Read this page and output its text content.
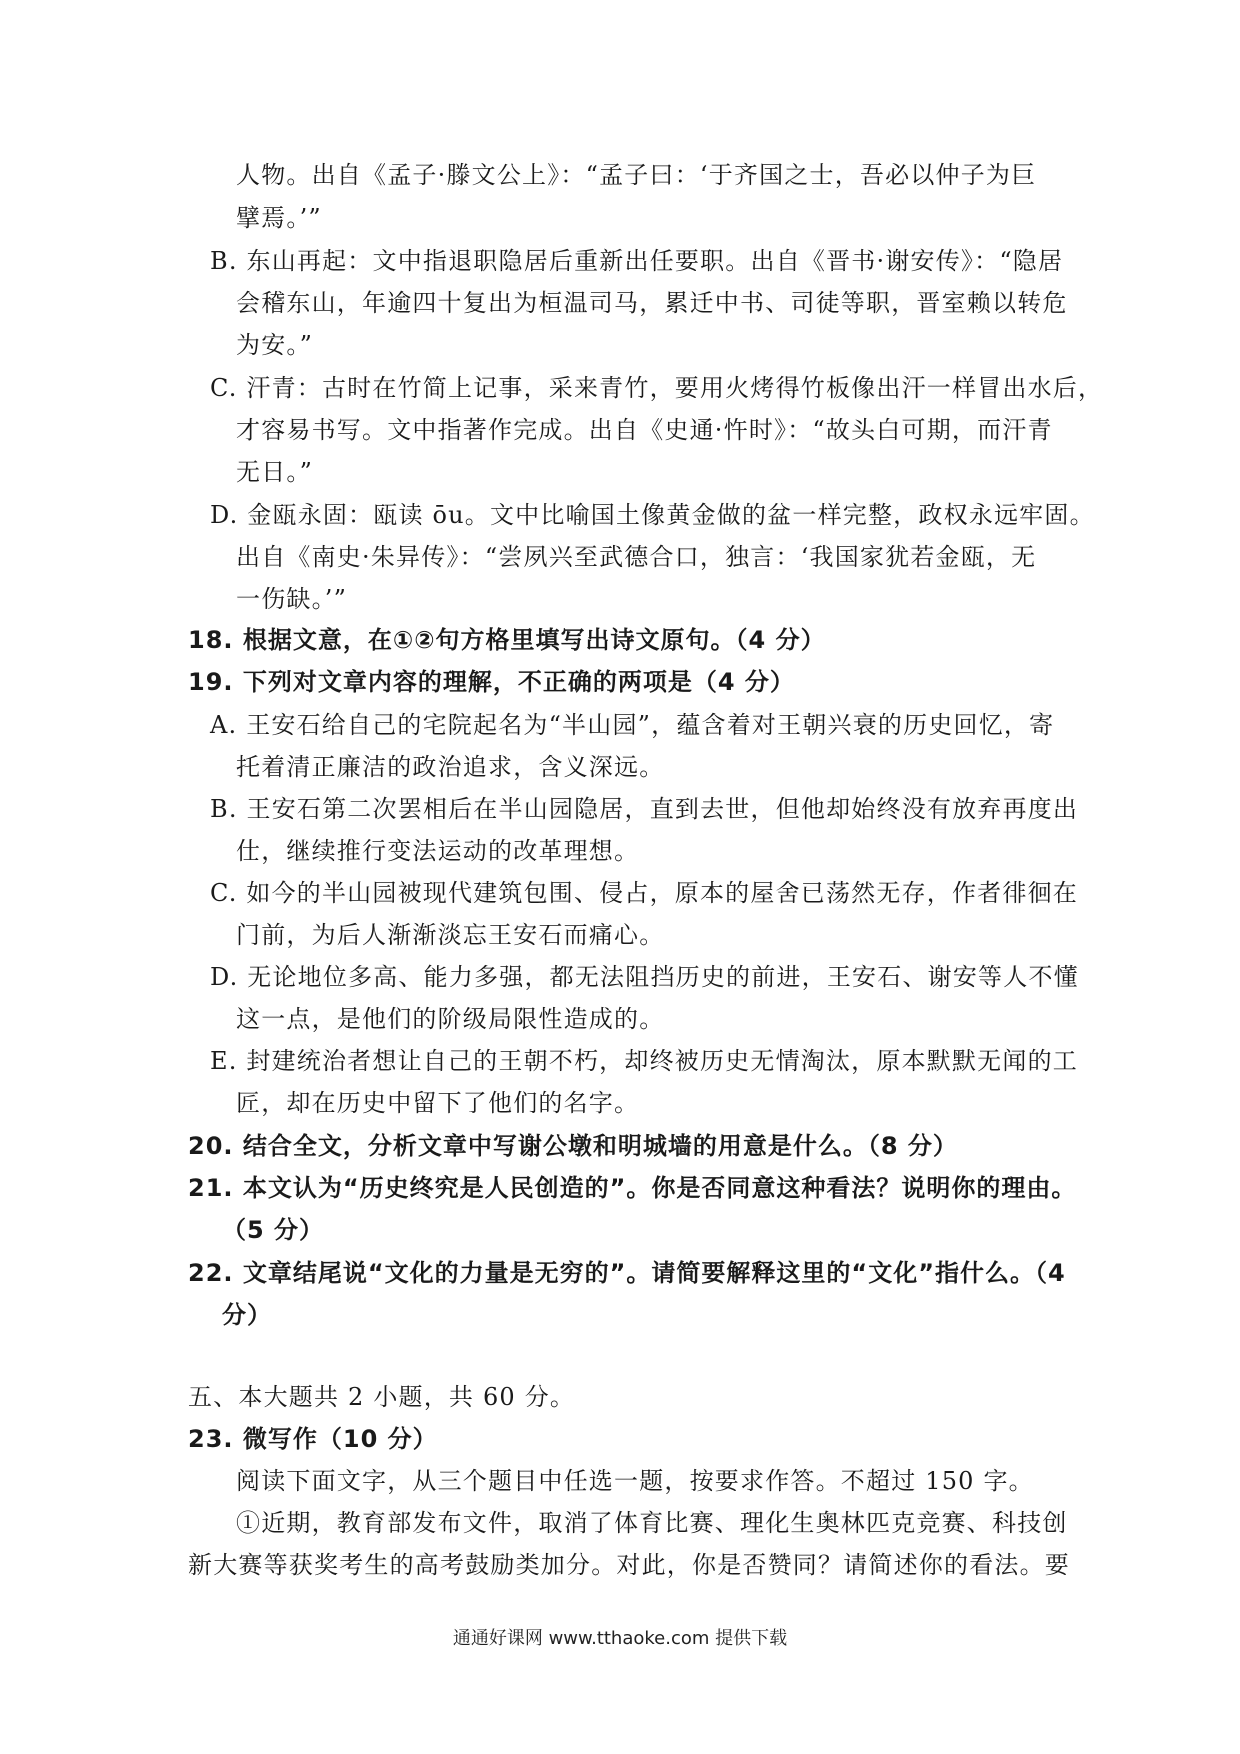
人物。出自《孟子·滕文公上》：“孟子曰：‘于齐国之士，吾必以仲子为巨
擘焉。’”
B. 东山再起：文中指退职隐居后重新出任要职。出自《晋书·谢安传》：“隐居
会稽东山，年逾四十复出为桓温司马，累迁中书、司徒等职，晋室赖以转危
为安。”
C. 汗青：古时在竹简上记事，采来青竹，要用火烤得竹板像出汗一样冒出水后，
才容易书写。文中指著作完成。出自《史通·忤时》：“故头白可期，而汗青
无日。”
D. 金瓯永固：瓯读 ōu。文中比喻国土像黄金做的盆一样完整，政权永远牢固。
出自《南史·朱异传》：“尝夙兴至武德合口，独言：‘我国家犹若金瓯，无
一伤缺。’”
18. 根据文意，在①②句方格里填写出诗文原句。（4 分）
19. 下列对文章内容的理解，不正确的两项是（4 分）
A. 王安石给自己的宅院起名为“半山园”，蕴含着对王朝兴衰的历史回忆，寄
托着清正廉洁的政治追求，含义深远。
B. 王安石第二次罢相后在半山园隐居，直到去世，但他却始终没有放弃再度出
仕，继续推行变法运动的改革理想。
C. 如今的半山园被现代建筑包围、侵占，原本的屋舍已荡然无存，作者徘徊在
门前，为后人渐渐淡忘王安石而痛心。
D. 无论地位多高、能力多强，都无法阻挡历史的前进，王安石、谢安等人不懂
这一点，是他们的阶级局限性造成的。
E. 封建统治者想让自己的王朝不朽，却终被历史无情淘汰，原本默默无闻的工
匠，却在历史中留下了他们的名字。
20. 结合全文，分析文章中写谢公墩和明城墙的用意是什么。（8 分）
21. 本文认为“历史终究是人民创造的”。你是否同意这种看法？说明你的理由。
（5 分）
22. 文章结尾说“文化的力量是无穷的”。请简要解释这里的“文化”指什么。（4
分）
五、本大题共 2 小题，共 60 分。
23. 微写作（10 分）
阅读下面文字，从三个题目中任选一题，按要求作答。不超过 150 字。
①近期，教育部发布文件，取消了体育比赛、理化生奥林匹克竞赛、科技创
新大赛等获奖考生的高考鼓励类加分。对此，你是否赞同？请简述你的看法。要
通通好课网 www.tthaoke.com 提供下载
